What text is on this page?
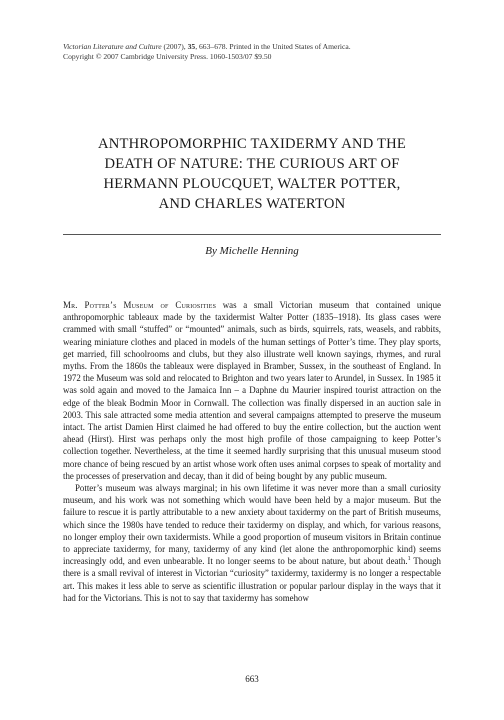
Victorian Literature and Culture (2007), 35, 663–678. Printed in the United States of America.
Copyright © 2007 Cambridge University Press. 1060-1503/07 $9.50
ANTHROPOMORPHIC TAXIDERMY AND THE
DEATH OF NATURE: THE CURIOUS ART OF
HERMANN PLOUCQUET, WALTER POTTER,
AND CHARLES WATERTON
By Michelle Henning

Mr. Potter’s Museum of Curiosities was a small Victorian museum that contained unique anthropomorphic tableaux made by the taxidermist Walter Potter (1835–1918). Its glass cases were crammed with small “stuffed” or “mounted” animals, such as birds, squirrels, rats, weasels, and rabbits, wearing miniature clothes and placed in models of the human settings of Potter’s time. They play sports, get married, fill schoolrooms and clubs, but they also illustrate well known sayings, rhymes, and rural myths. From the 1860s the tableaux were displayed in Bramber, Sussex, in the southeast of England. In 1972 the Museum was sold and relocated to Brighton and two years later to Arundel, in Sussex. In 1985 it was sold again and moved to the Jamaica Inn – a Daphne du Maurier inspired tourist attraction on the edge of the bleak Bodmin Moor in Cornwall. The collection was finally dispersed in an auction sale in 2003. This sale attracted some media attention and several campaigns attempted to preserve the museum intact. The artist Damien Hirst claimed he had offered to buy the entire collection, but the auction went ahead (Hirst). Hirst was perhaps only the most high profile of those campaigning to keep Potter’s collection together. Nevertheless, at the time it seemed hardly surprising that this unusual museum stood more chance of being rescued by an artist whose work often uses animal corpses to speak of mortality and the processes of preservation and decay, than it did of being bought by any public museum.

Potter’s museum was always marginal; in his own lifetime it was never more than a small curiosity museum, and his work was not something which would have been held by a major museum. But the failure to rescue it is partly attributable to a new anxiety about taxidermy on the part of British museums, which since the 1980s have tended to reduce their taxidermy on display, and which, for various reasons, no longer employ their own taxidermists. While a good proportion of museum visitors in Britain continue to appreciate taxidermy, for many, taxidermy of any kind (let alone the anthropomorphic kind) seems increasingly odd, and even unbearable. It no longer seems to be about nature, but about death.$^1$ Though there is a small revival of interest in Victorian “curiosity” taxidermy, taxidermy is no longer a respectable art. This makes it less able to serve as scientific illustration or popular parlour display in the ways that it had for the Victorians. This is not to say that taxidermy has somehow

663
